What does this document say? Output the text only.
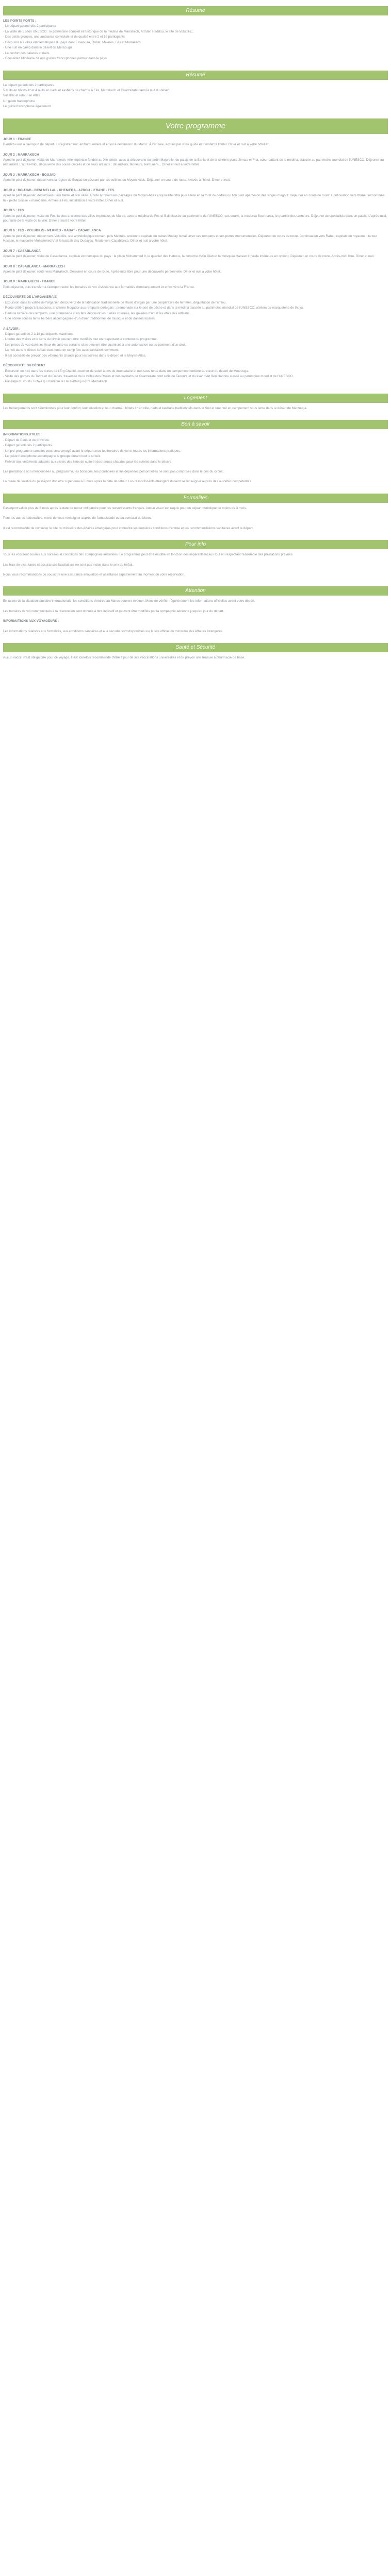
Résumé

LES POINTS FORTS :

- Le départ garanti dès 2 participants

- La visite de 5 sites UNESCO : le patrimoine complet et historique de la médina de Marrakech, Aït Ben Haddou, le site de Volubilis...

- Des petits groupes, une ambiance conviviale et de qualité entre 2 et 16 participants

- Découvrir les villes emblématiques du pays dont Essaouira, Rabat, Meknès, Fès et Marrakech

- Une nuit en camp dans le désert de Merzouga

- Le confort des palaces et riads

- Conseillez l'itinéraire de nos guides francophones partout dans le pays

Résumé

Le départ garanti dès 2 participants

5 nuits en hôtels 4* et 4 nuits en riads et kasbahs de charme à Fès, Marrakech et Ouarzazate dans la nuit du désert

Vol aller et retour en Atlas

Un guide francophone

Le guide francophone également

Votre programme

JOUR 1 : FRANCE

Rendez-vous à l'aéroport de départ. Enregistrement, embarquement et envol à destination du Maroc. À l'arrivée, accueil par votre guide et transfert à l'hôtel. Dîner et nuit à votre hôtel 4*.

JOUR 2 : MARRAKECH

Après le petit déjeuner, visite de Marrakech, ville impériale fondée au XIe siècle, avec la découverte du jardin Majorelle, du palais de la Bahia et de la célèbre place Jemaa el-Fna, cœur battant de la médina, classée au patrimoine mondial de l'UNESCO. Déjeuner au restaurant. L'après-midi, découverte des souks colorés et de leurs artisans : dinandiers, tanneurs, teinturiers... Dîner et nuit à votre hôtel.

JOUR 3 : MARRAKECH - BOUJAD

Après le petit déjeuner, départ vers la région de Boujad en passant par les collines du Moyen-Atlas. Déjeuner en cours de route. Arrivée à l'hôtel. Dîner et nuit.

JOUR 4 : BOUJAD - BENI MELLAL - KHENIFRA - AZROU - IFRANE - FES

Après le petit déjeuner, départ vers Beni Mellal et son oasis. Route à travers les paysages du Moyen-Atlas jusqu'à Khenifra puis Azrou et sa forêt de cèdres où l'on peut apercevoir des singes magots. Déjeuner en cours de route. Continuation vers Ifrane, surnommée la « petite Suisse » marocaine. Arrivée à Fès, installation à votre hôtel. Dîner et nuit.

JOUR 5 : FES

Après le petit déjeuner, visite de Fès, la plus ancienne des villes impériales du Maroc, avec la médina de Fès el-Bali classée au patrimoine de l'UNESCO, ses souks, la médersa Bou Inania, le quartier des tanneurs. Déjeuner de spécialités dans un palais. L'après-midi, poursuite de la visite de la ville. Dîner et nuit à votre hôtel.

JOUR 6 : FES - VOLUBILIS - MEKNES - RABAT - CASABLANCA

Après le petit déjeuner, départ vers Volubilis, site archéologique romain, puis Meknès, ancienne capitale du sultan Moulay Ismaïl avec ses remparts et ses portes monumentales. Déjeuner en cours de route. Continuation vers Rabat, capitale du royaume : la tour Hassan, le mausolée Mohammed V et la kasbah des Oudayas. Route vers Casablanca. Dîner et nuit à votre hôtel.

JOUR 7 : CASABLANCA

Après le petit déjeuner, visite de Casablanca, capitale économique du pays : la place Mohammed V, le quartier des Habous, la corniche d'Aïn Diab et la mosquée Hassan II (visite intérieure en option). Déjeuner en cours de route. Après-midi libre. Dîner et nuit.

JOUR 8 : CASABLANCA - MARRAKECH

Après le petit déjeuner, route vers Marrakech. Déjeuner en cours de route. Après-midi libre pour une découverte personnelle. Dîner et nuit à votre hôtel.

JOUR 9 : MARRAKECH - FRANCE

Petit déjeuner, puis transfert à l'aéroport selon les horaires de vol. Assistance aux formalités d'embarquement et envol vers la France.

DÉCOUVERTE DE L'ARGANERAIE

- Excursion dans la vallée de l'arganier, découverte de la fabrication traditionnelle de l'huile d'argan par une coopérative de femmes, dégustation de l'amlou.

- Route côtière jusqu'à Essaouira, ancienne Mogador aux remparts portugais : promenade sur le port de pêche et dans la médina classée au patrimoine mondial de l'UNESCO, ateliers de marqueterie de thuya.

- Dans la lumière des remparts, une promenade vous fera découvrir les ruelles colorées, les galeries d'art et les étals des artisans.

- Une soirée sous la tente berbère accompagnée d'un dîner traditionnel, de musique et de danses locales.

A SAVOIR :

- Départ garanti de 2 à 16 participants maximum.

- L'ordre des visites et le sens du circuit peuvent être modifiés tout en respectant le contenu du programme.

- Les prises de vue dans les lieux de culte ou certains sites peuvent être soumises à une autorisation ou au paiement d'un droit.

- La nuit dans le désert se fait sous tente en camp fixe avec sanitaires communs.

- Il est conseillé de prévoir des vêtements chauds pour les soirées dans le désert et le Moyen-Atlas.

DÉCOUVERTE DU DÉSERT

- Excursion en 4x4 dans les dunes de l'Erg Chebbi, coucher de soleil à dos de dromadaire et nuit sous tente dans un campement berbère au cœur du désert de Merzouga.

- Visite des gorges du Todra et du Dadès, traversée de la vallée des Roses et des kasbahs de Ouarzazate dont celle de Taourirt, et du ksar d'Aït Ben Haddou classé au patrimoine mondial de l'UNESCO.

- Passage du col du Tichka qui traverse le Haut-Atlas jusqu'à Marrakech.

Logement

Les hébergements sont sélectionnés pour leur confort, leur situation et leur charme : hôtels 4* en ville, riads et kasbahs traditionnels dans le Sud et une nuit en campement sous tente dans le désert de Merzouga.

Bon à savoir

INFORMATIONS UTILES :

- Départ de Paris et de province.

- Départ garanti dès 2 participants.

- Un pré-programme complet vous sera envoyé avant le départ avec les horaires de vol et toutes les informations pratiques.

- Le guide francophone accompagne le groupe durant tout le circuit.

- Prévoir des vêtements adaptés aux visites des lieux de culte et des tenues chaudes pour les soirées dans le désert.

Les prestations non mentionnées au programme, les boissons, les pourboires et les dépenses personnelles ne sont pas comprises dans le prix du circuit.

La durée de validité du passeport doit être supérieure à 6 mois après la date de retour. Les ressortissants étrangers doivent se renseigner auprès des autorités compétentes.

Formalités

Passeport valide plus de 6 mois après la date de retour obligatoire pour les ressortissants français. Aucun visa n'est requis pour un séjour touristique de moins de 3 mois.

Pour les autres nationalités, merci de vous renseigner auprès de l'ambassade ou du consulat du Maroc.

Il est recommandé de consulter le site du ministère des Affaires étrangères pour connaître les dernières conditions d'entrée et les recommandations sanitaires avant le départ.

Pour info

Tous les vols sont soumis aux horaires et conditions des compagnies aériennes. Le programme peut être modifié en fonction des impératifs locaux tout en respectant l'ensemble des prestations prévues.

Les frais de visa, taxes et assurances facultatives ne sont pas inclus dans le prix du forfait.

Nous vous recommandons de souscrire une assurance annulation et assistance rapatriement au moment de votre réservation.

Attention

En raison de la situation sanitaire internationale, les conditions d'entrée au Maroc peuvent évoluer. Merci de vérifier régulièrement les informations officielles avant votre départ.

Les horaires de vol communiqués à la réservation sont donnés à titre indicatif et peuvent être modifiés par la compagnie aérienne jusqu'au jour du départ.

INFORMATIONS AUX VOYAGEURS :

Les informations relatives aux formalités, aux conditions sanitaires et à la sécurité sont disponibles sur le site officiel du ministère des Affaires étrangères.

Santé et Sécurité

Aucun vaccin n'est obligatoire pour ce voyage. Il est toutefois recommandé d'être à jour de ses vaccinations universelles et de prévoir une trousse à pharmacie de base.
